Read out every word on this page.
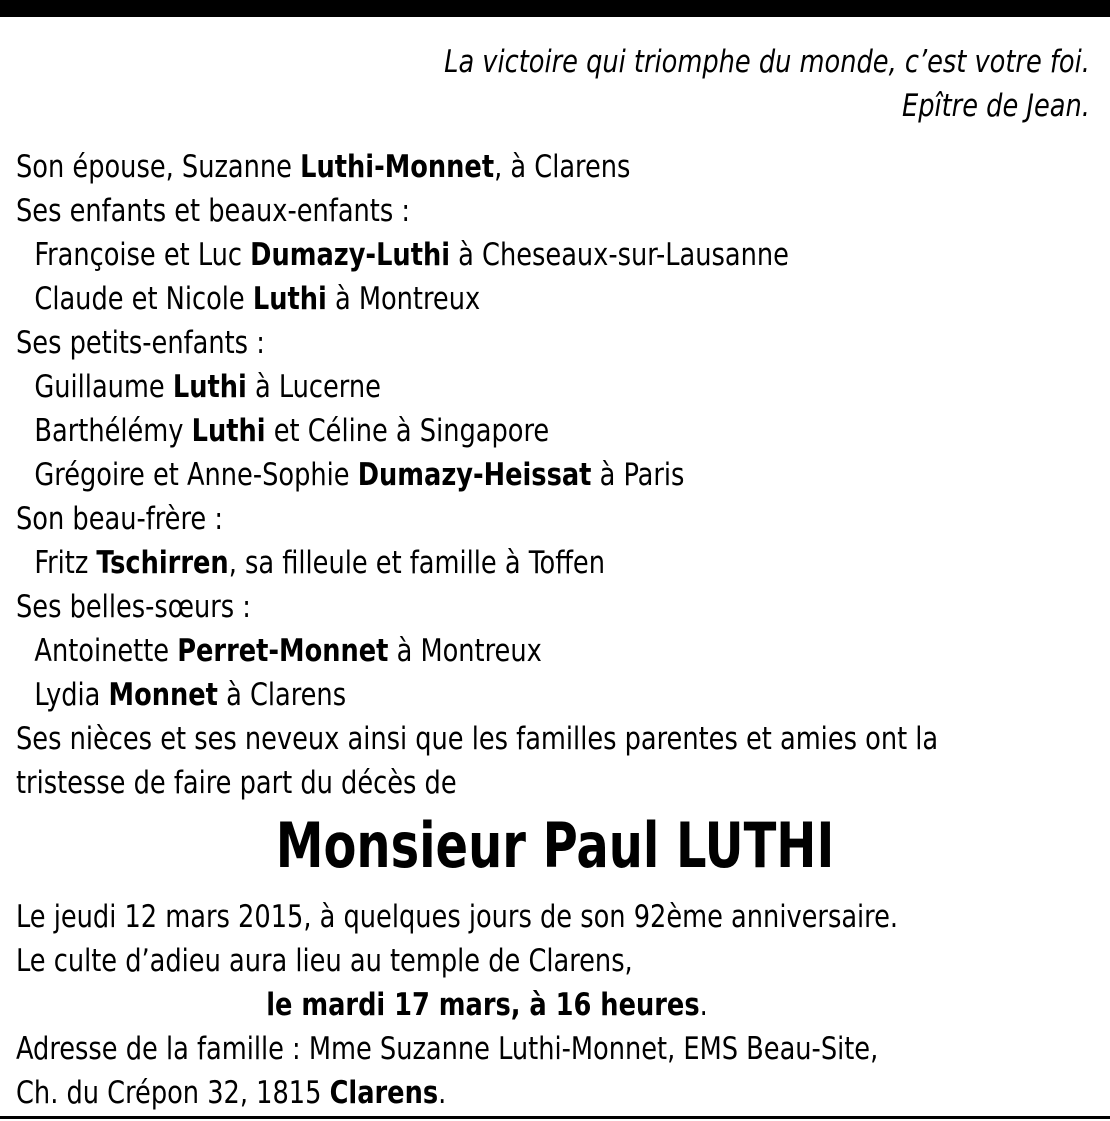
La victoire qui triomphe du monde, c’est votre foi.
Epître de Jean.
Son épouse, Suzanne Luthi-Monnet, à Clarens
Ses enfants et beaux-enfants :
Françoise et Luc Dumazy-Luthi à Cheseaux-sur-Lausanne
Claude et Nicole Luthi à Montreux
Ses petits-enfants :
Guillaume Luthi à Lucerne
Barthélémy Luthi et Céline à Singapore
Grégoire et Anne-Sophie Dumazy-Heissat à Paris
Son beau-frère :
Fritz Tschirren, sa filleule et famille à Toffen
Ses belles-sœurs :
Antoinette Perret-Monnet à Montreux
Lydia Monnet à Clarens
Ses nièces et ses neveux ainsi que les familles parentes et amies ont la
tristesse de faire part du décès de
Monsieur Paul LUTHI
Le jeudi 12 mars 2015, à quelques jours de son 92ème anniversaire.
Le culte d’adieu aura lieu au temple de Clarens,
le mardi 17 mars, à 16 heures.
Adresse de la famille : Mme Suzanne Luthi-Monnet, EMS Beau-Site,
Ch. du Crépon 32, 1815 Clarens.
